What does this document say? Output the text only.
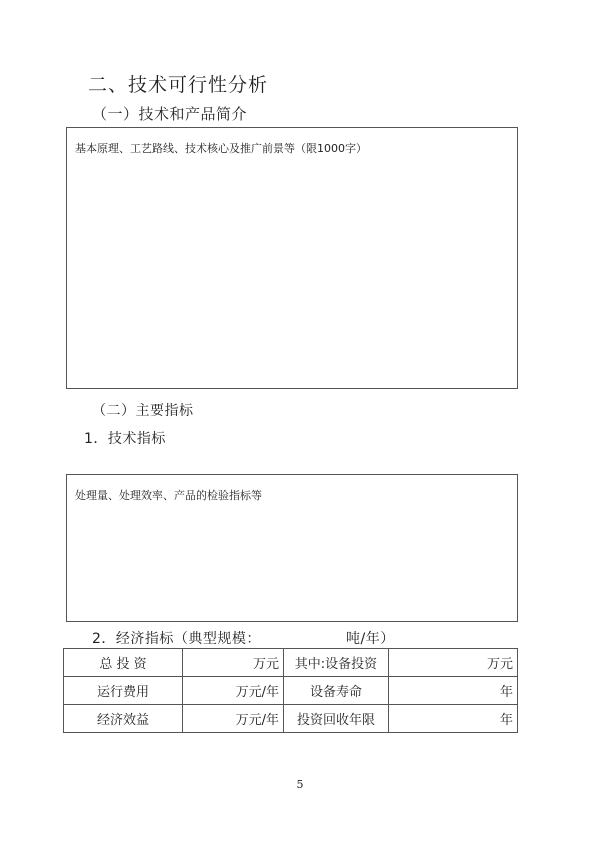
二、技术可行性分析
（一）技术和产品简介
基本原理、工艺路线、技术核心及推广前景等（限1000字）
（二）主要指标
1．技术指标
处理量、处理效率、产品的检验指标等
2．经济指标（典型规模：	吨/年）
总 投 资	万元	其中:设备投资	万元
运行费用	万元/年	设备寿命	年
经济效益	万元/年	投资回收年限	年
5
